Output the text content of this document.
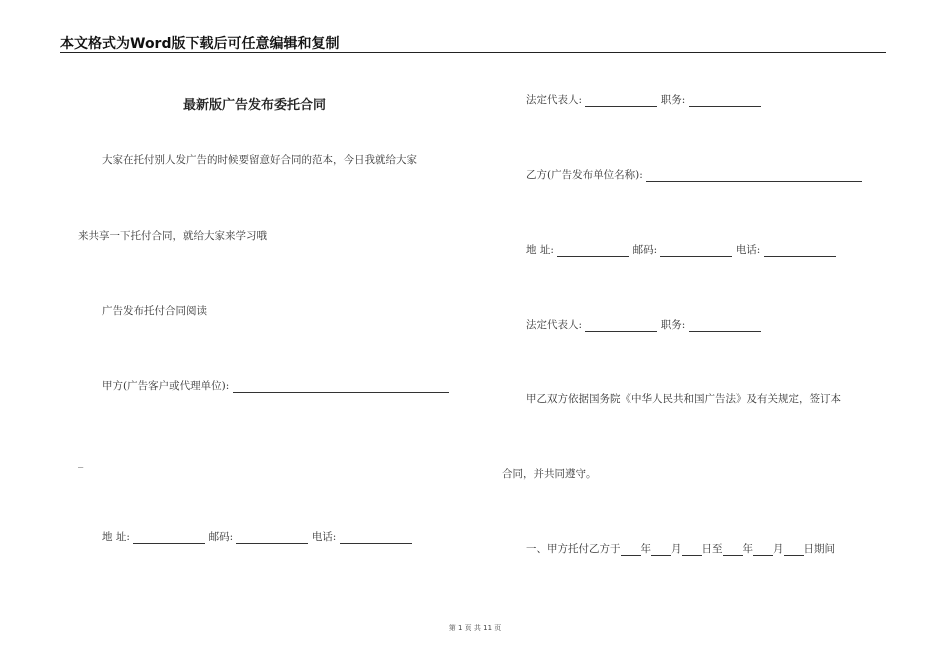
本文格式为Word版下载后可任意编辑和复制
最新版广告发布委托合同
大家在托付别人发广告的时候要留意好合同的范本，今日我就给大家
来共享一下托付合同，就给大家来学习哦
广告发布托付合同阅读
甲方(广告客户或代理单位):
_
地 址:	邮码:	电话:
法定代表人:	职务:
乙方(广告发布单位名称):
地 址:	邮码:	电话:
法定代表人:	职务:
甲乙双方依据国务院《中华人民共和国广告法》及有关规定，签订本
合同，并共同遵守。
一、甲方托付乙方于 年 月 日至 年 月 日期间
第 1 页 共 11 页
